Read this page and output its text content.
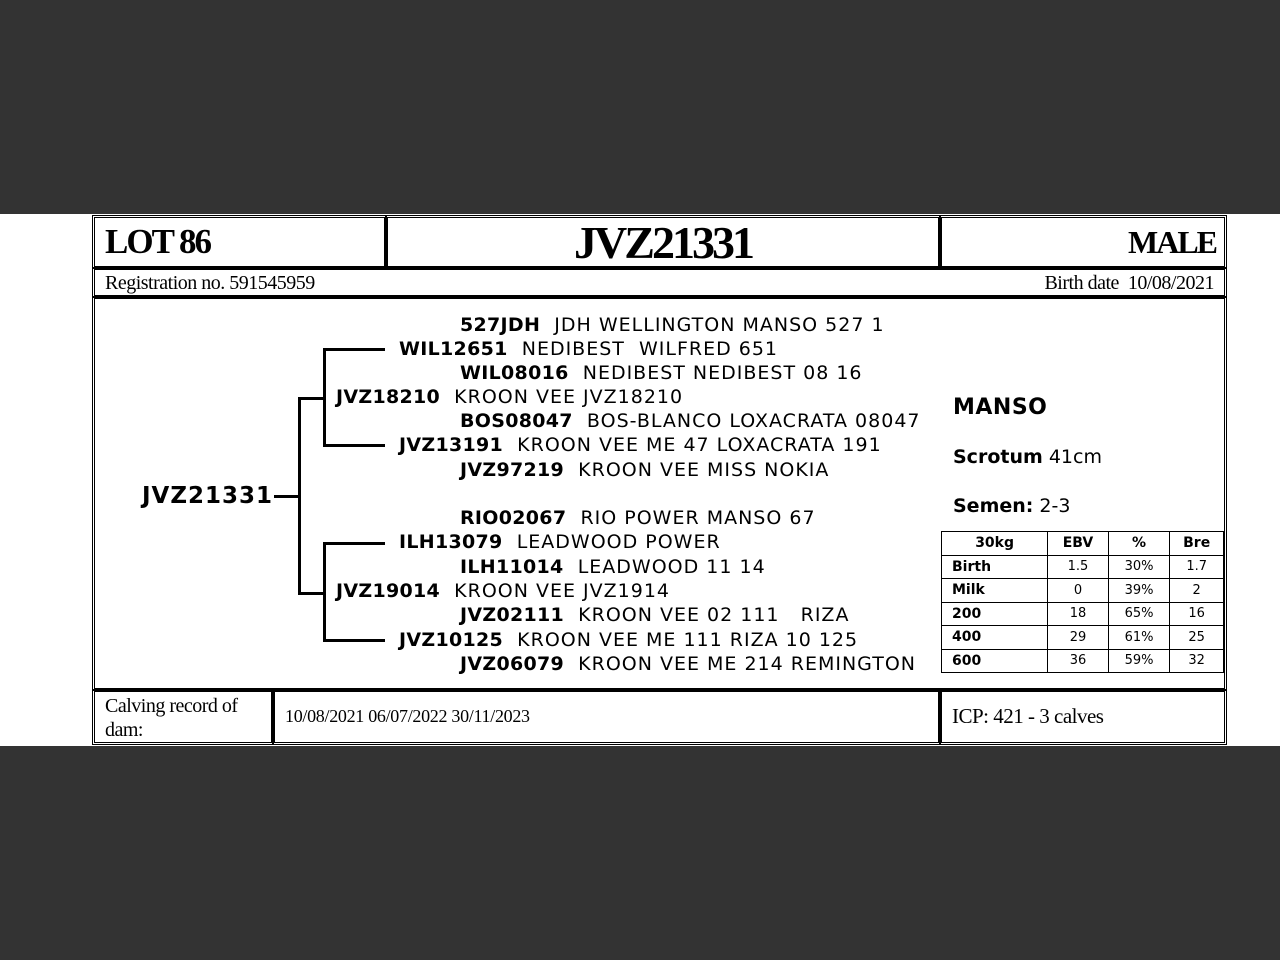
LOT 86	JVZ21331	MALE
Registration no. 591545959	Birth date  10/08/2021
JVZ21331
527JDH JDH WELLINGTON MANSO 527 1
WIL12651 NEDIBEST  WILFRED 651
WIL08016 NEDIBEST NEDIBEST 08 16
JVZ18210 KROON VEE JVZ18210
BOS08047 BOS-BLANCO LOXACRATA 08047
JVZ13191 KROON VEE ME 47 LOXACRATA 191
JVZ97219 KROON VEE MISS NOKIA
RIO02067 RIO POWER MANSO 67
ILH13079 LEADWOOD POWER
ILH11014 LEADWOOD 11 14
JVZ19014 KROON VEE JVZ1914
JVZ02111 KROON VEE 02 111   RIZA
JVZ10125 KROON VEE ME 111 RIZA 10 125
JVZ06079 KROON VEE ME 214 REMINGTON
MANSO
Scrotum 41cm
Semen: 2-3
30kg	EBV	%	Bre
Birth	1.5	30%	1.7
Milk	0	39%	2
200	18	65%	16
400	29	61%	25
600	36	59%	32
Calving record of dam:
10/08/2021 06/07/2022 30/11/2023	ICP: 421 - 3 calves
